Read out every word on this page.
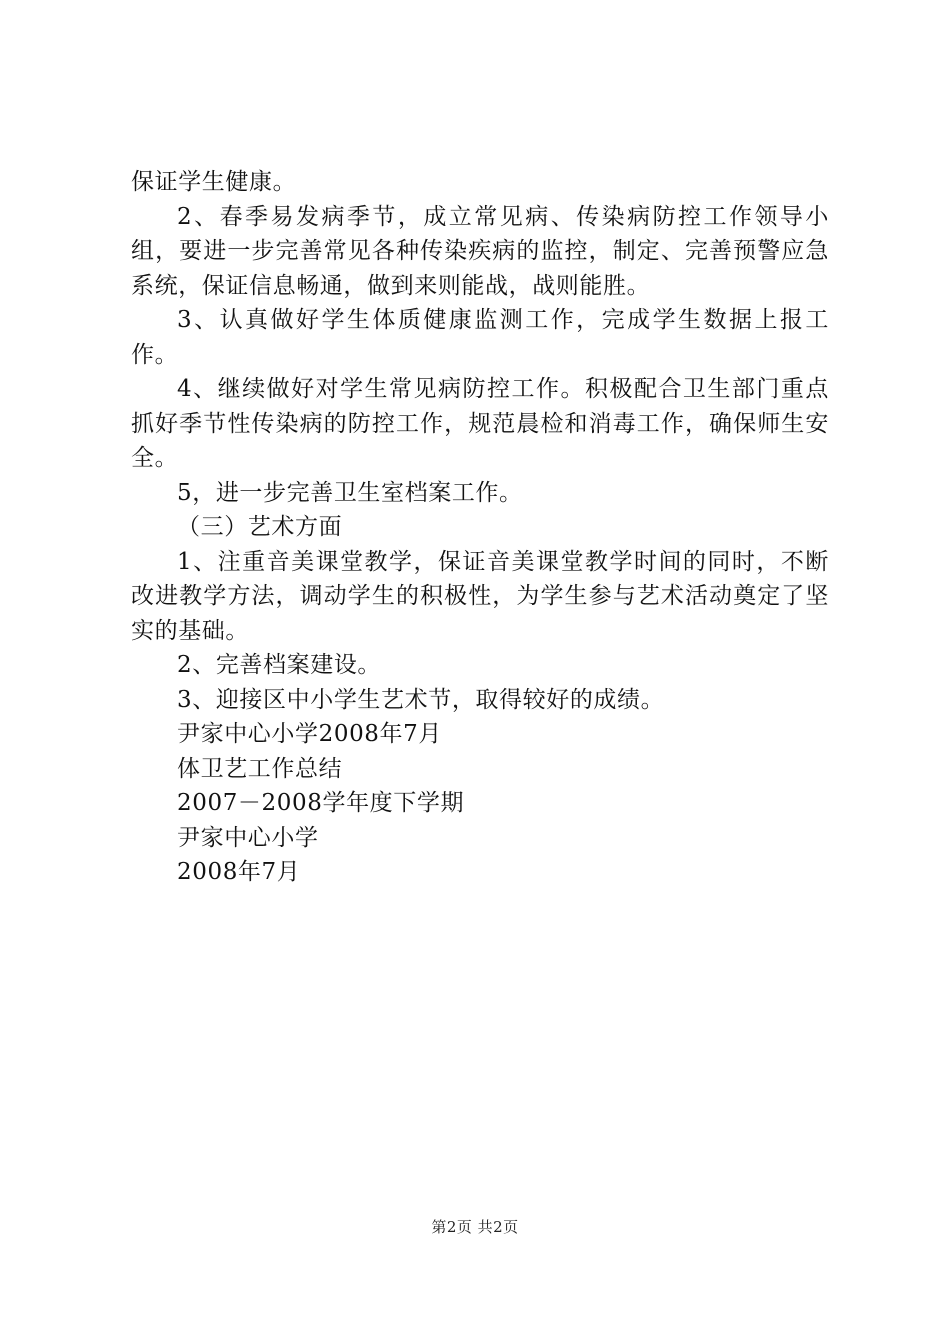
保证学生健康。

2、春季易发病季节，成立常见病、传染病防控工作领导小组，要进一步完善常见各种传染疾病的监控，制定、完善预警应急系统，保证信息畅通，做到来则能战，战则能胜。

3、认真做好学生体质健康监测工作，完成学生数据上报工作。

4、继续做好对学生常见病防控工作。积极配合卫生部门重点抓好季节性传染病的防控工作，规范晨检和消毒工作，确保师生安全。

5，进一步完善卫生室档案工作。

（三）艺术方面

1、注重音美课堂教学，保证音美课堂教学时间的同时，不断改进教学方法，调动学生的积极性，为学生参与艺术活动奠定了坚实的基础。

2、完善档案建设。

3、迎接区中小学生艺术节，取得较好的成绩。

尹家中心小学2008年7月

体卫艺工作总结

2007－2008学年度下学期

尹家中心小学

2008年7月

第2页 共2页
